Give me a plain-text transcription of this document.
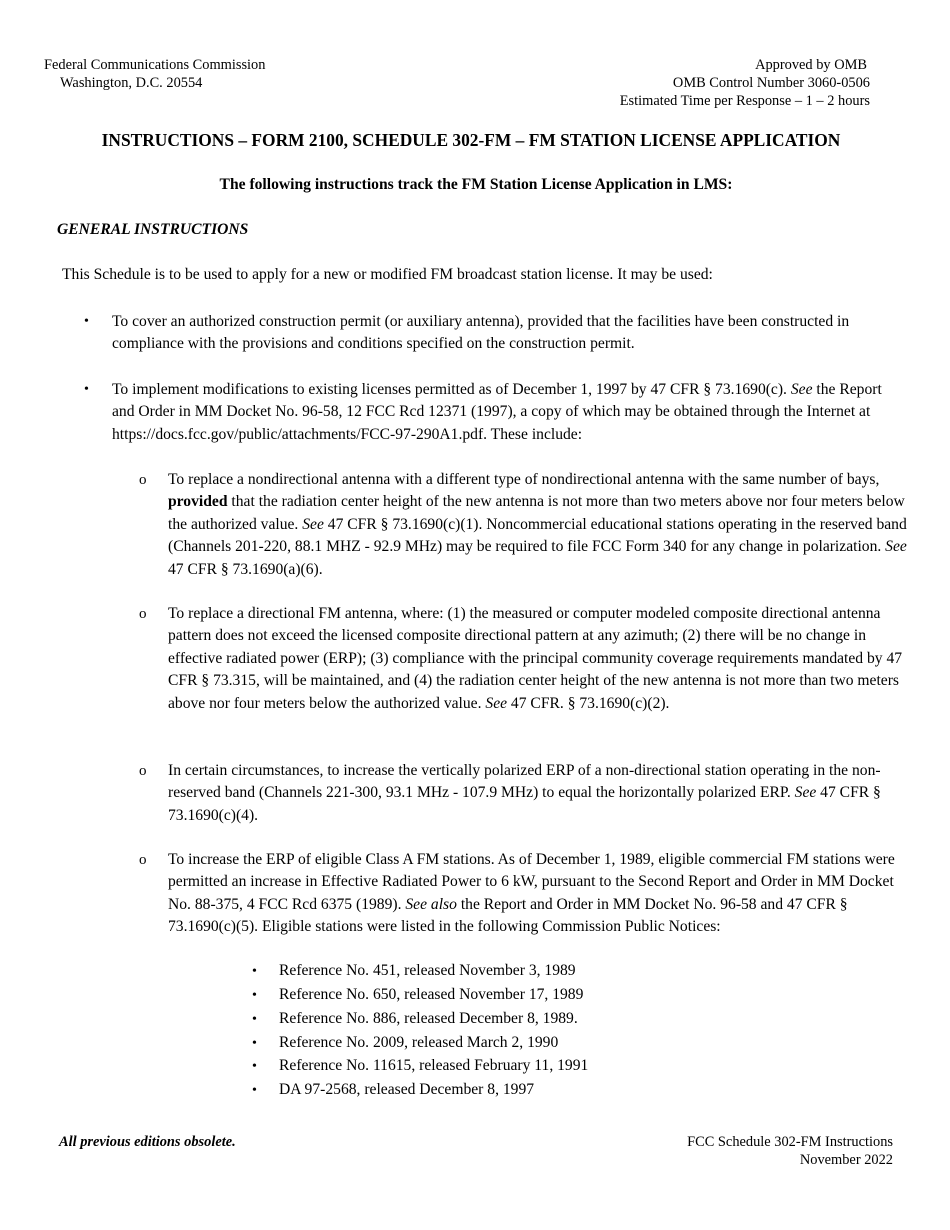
Federal Communications Commission
Washington, D.C. 20554
Approved by OMB
OMB Control Number 3060-0506
Estimated Time per Response – 1 – 2 hours
INSTRUCTIONS – FORM 2100, SCHEDULE 302-FM – FM STATION LICENSE APPLICATION
The following instructions track the FM Station License Application in LMS:
GENERAL INSTRUCTIONS

This Schedule is to be used to apply for a new or modified FM broadcast station license. It may be used:

• To cover an authorized construction permit (or auxiliary antenna), provided that the facilities have been constructed in compliance with the provisions and conditions specified on the construction permit.

• To implement modifications to existing licenses permitted as of December 1, 1997 by 47 CFR § 73.1690(c). See the Report and Order in MM Docket No. 96-58, 12 FCC Rcd 12371 (1997), a copy of which may be obtained through the Internet at https://docs.fcc.gov/public/attachments/FCC-97-290A1.pdf. These include:

o To replace a nondirectional antenna with a different type of nondirectional antenna with the same number of bays, provided that the radiation center height of the new antenna is not more than two meters above nor four meters below the authorized value. See 47 CFR § 73.1690(c)(1). Noncommercial educational stations operating in the reserved band (Channels 201-220, 88.1 MHZ - 92.9 MHz) may be required to file FCC Form 340 for any change in polarization. See 47 CFR § 73.1690(a)(6).

o To replace a directional FM antenna, where: (1) the measured or computer modeled composite directional antenna pattern does not exceed the licensed composite directional pattern at any azimuth; (2) there will be no change in effective radiated power (ERP); (3) compliance with the principal community coverage requirements mandated by 47 CFR § 73.315, will be maintained, and (4) the radiation center height of the new antenna is not more than two meters above nor four meters below the authorized value. See 47 CFR. § 73.1690(c)(2).

o In certain circumstances, to increase the vertically polarized ERP of a non-directional station operating in the non-reserved band (Channels 221-300, 93.1 MHz - 107.9 MHz) to equal the horizontally polarized ERP. See 47 CFR § 73.1690(c)(4).

o To increase the ERP of eligible Class A FM stations. As of December 1, 1989, eligible commercial FM stations were permitted an increase in Effective Radiated Power to 6 kW, pursuant to the Second Report and Order in MM Docket No. 88-375, 4 FCC Rcd 6375 (1989). See also the Report and Order in MM Docket No. 96-58 and 47 CFR § 73.1690(c)(5). Eligible stations were listed in the following Commission Public Notices:

• Reference No. 451, released November 3, 1989
• Reference No. 650, released November 17, 1989
• Reference No. 886, released December 8, 1989.
• Reference No. 2009, released March 2, 1990
• Reference No. 11615, released February 11, 1991
• DA 97-2568, released December 8, 1997
All previous editions obsolete.	FCC Schedule 302-FM Instructions
November 2022
